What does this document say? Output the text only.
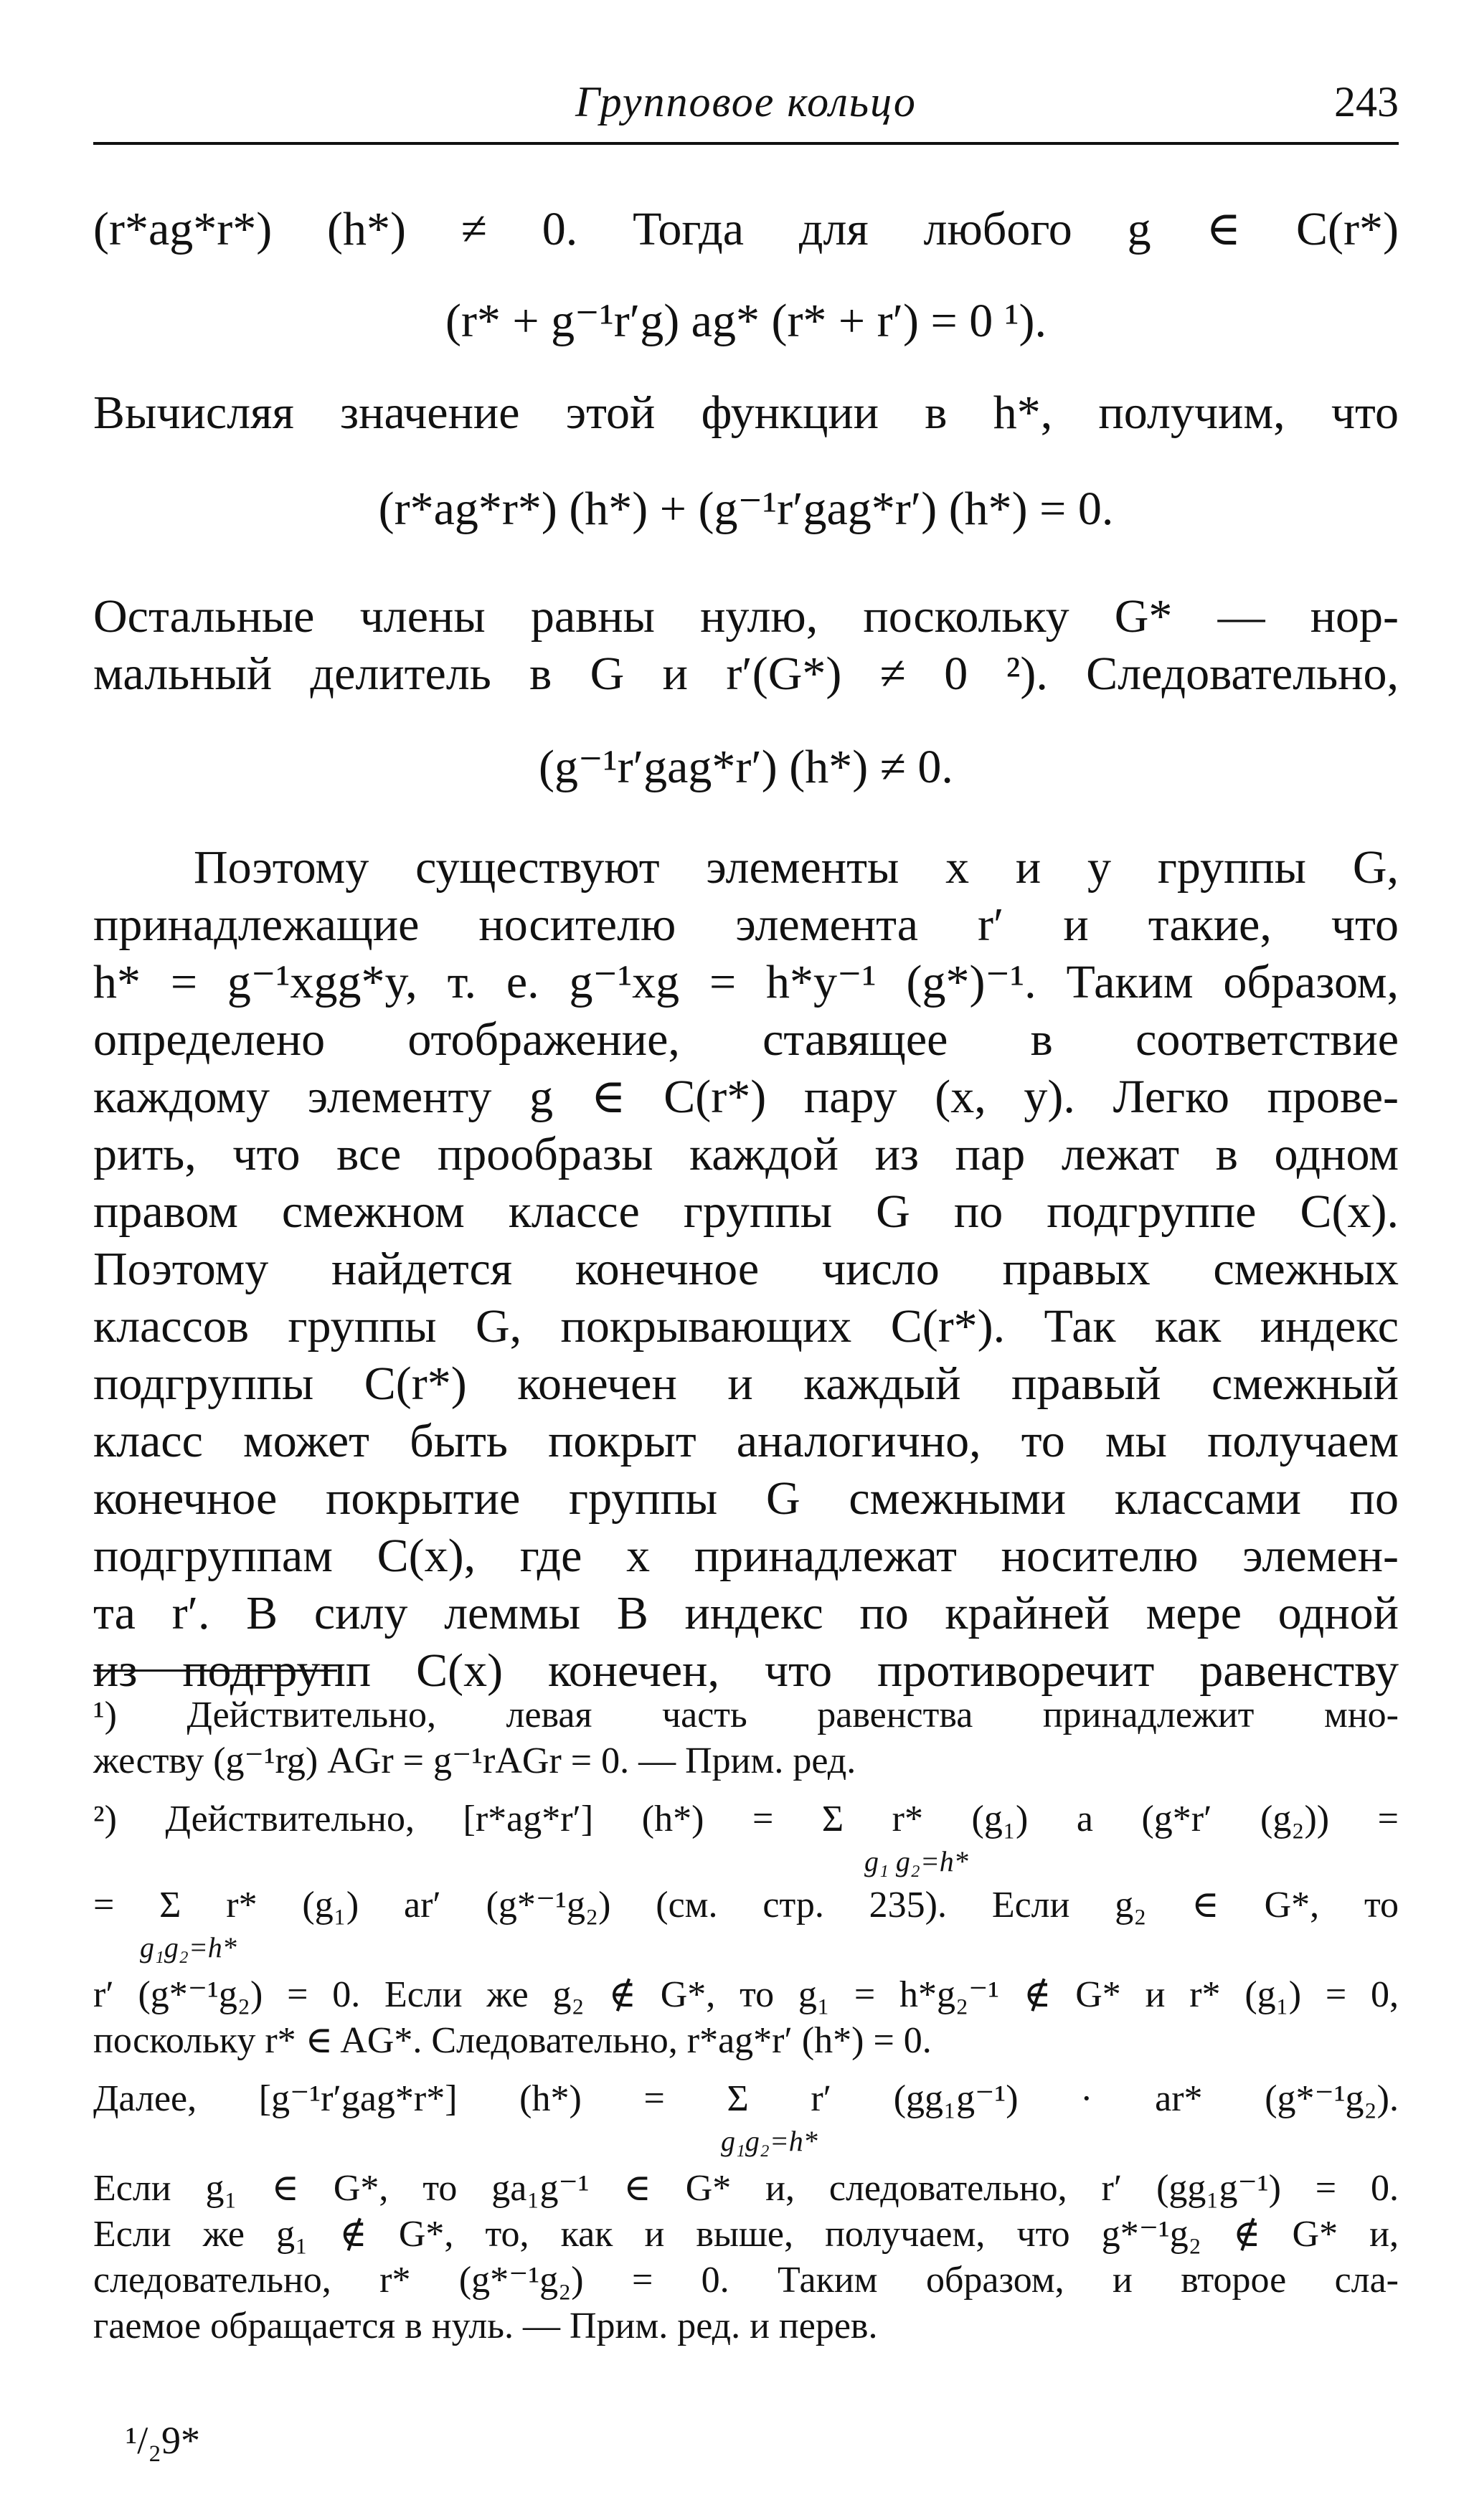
Групповое кольцо	243
(r*ag*r*) (h*) ≠ 0. Тогда для любого g ∈ C(r*)
(r* + g⁻¹r′g) ag* (r* + r′) = 0 ¹).
Вычисляя значение этой функции в h*, получим, что
(r*ag*r*) (h*) + (g⁻¹r′gag*r′) (h*) = 0.
Остальные члены равны нулю, поскольку G* — нор-
мальный делитель в G и r′(G*) ≠ 0 ²). Следовательно,
(g⁻¹r′gag*r′) (h*) ≠ 0.
Поэтому существуют элементы x и y группы G,
принадлежащие носителю элемента r′ и такие, что
h* = g⁻¹xgg*y, т. е. g⁻¹xg = h*y⁻¹ (g*)⁻¹. Таким образом,
определено отображение, ставящее в соответствие
каждому элементу g ∈ C(r*) пару (x, y). Легко прове-
рить, что все прообразы каждой из пар лежат в одном
правом смежном классе группы G по подгруппе C(x).
Поэтому найдется конечное число правых смежных
классов группы G, покрывающих C(r*). Так как индекс
подгруппы C(r*) конечен и каждый правый смежный
класс может быть покрыт аналогично, то мы получаем
конечное покрытие группы G смежными классами по
подгруппам C(x), где x принадлежат носителю элемен-
та r′. В силу леммы B индекс по крайней мере одной
из подгрупп C(x) конечен, что противоречит равенству
¹) Действительно, левая часть равенства принадлежит мно-
жеству (g⁻¹rg) AGr = g⁻¹rAGr = 0. — Прим. ред.
²) Действительно, [r*ag*r′] (h*) = Σ r* (g₁) a (g*r′ (g₂)) =
g₁ g₂=h*
= Σ r* (g₁) ar′ (g*⁻¹g₂) (см. стр. 235). Если g₂ ∈ G*, то
g₁g₂=h*
r′ (g*⁻¹g₂) = 0. Если же g₂ ∉ G*, то g₁ = h*g₂⁻¹ ∉ G* и r* (g₁) = 0,
поскольку r* ∈ AG*. Следовательно, r*ag*r′ (h*) = 0.
Далее, [g⁻¹r′gag*r*] (h*) = Σ r′ (gg₁g⁻¹) · ar* (g*⁻¹g₂).
g₁g₂=h*
Если g₁ ∈ G*, то ga₁g⁻¹ ∈ G* и, следовательно, r′ (gg₁g⁻¹) = 0.
Если же g₁ ∉ G*, то, как и выше, получаем, что g*⁻¹g₂ ∉ G* и,
следовательно, r* (g*⁻¹g₂) = 0. Таким образом, и второе сла-
гаемое обращается в нуль. — Прим. ред. и перев.
¹/₂9*
